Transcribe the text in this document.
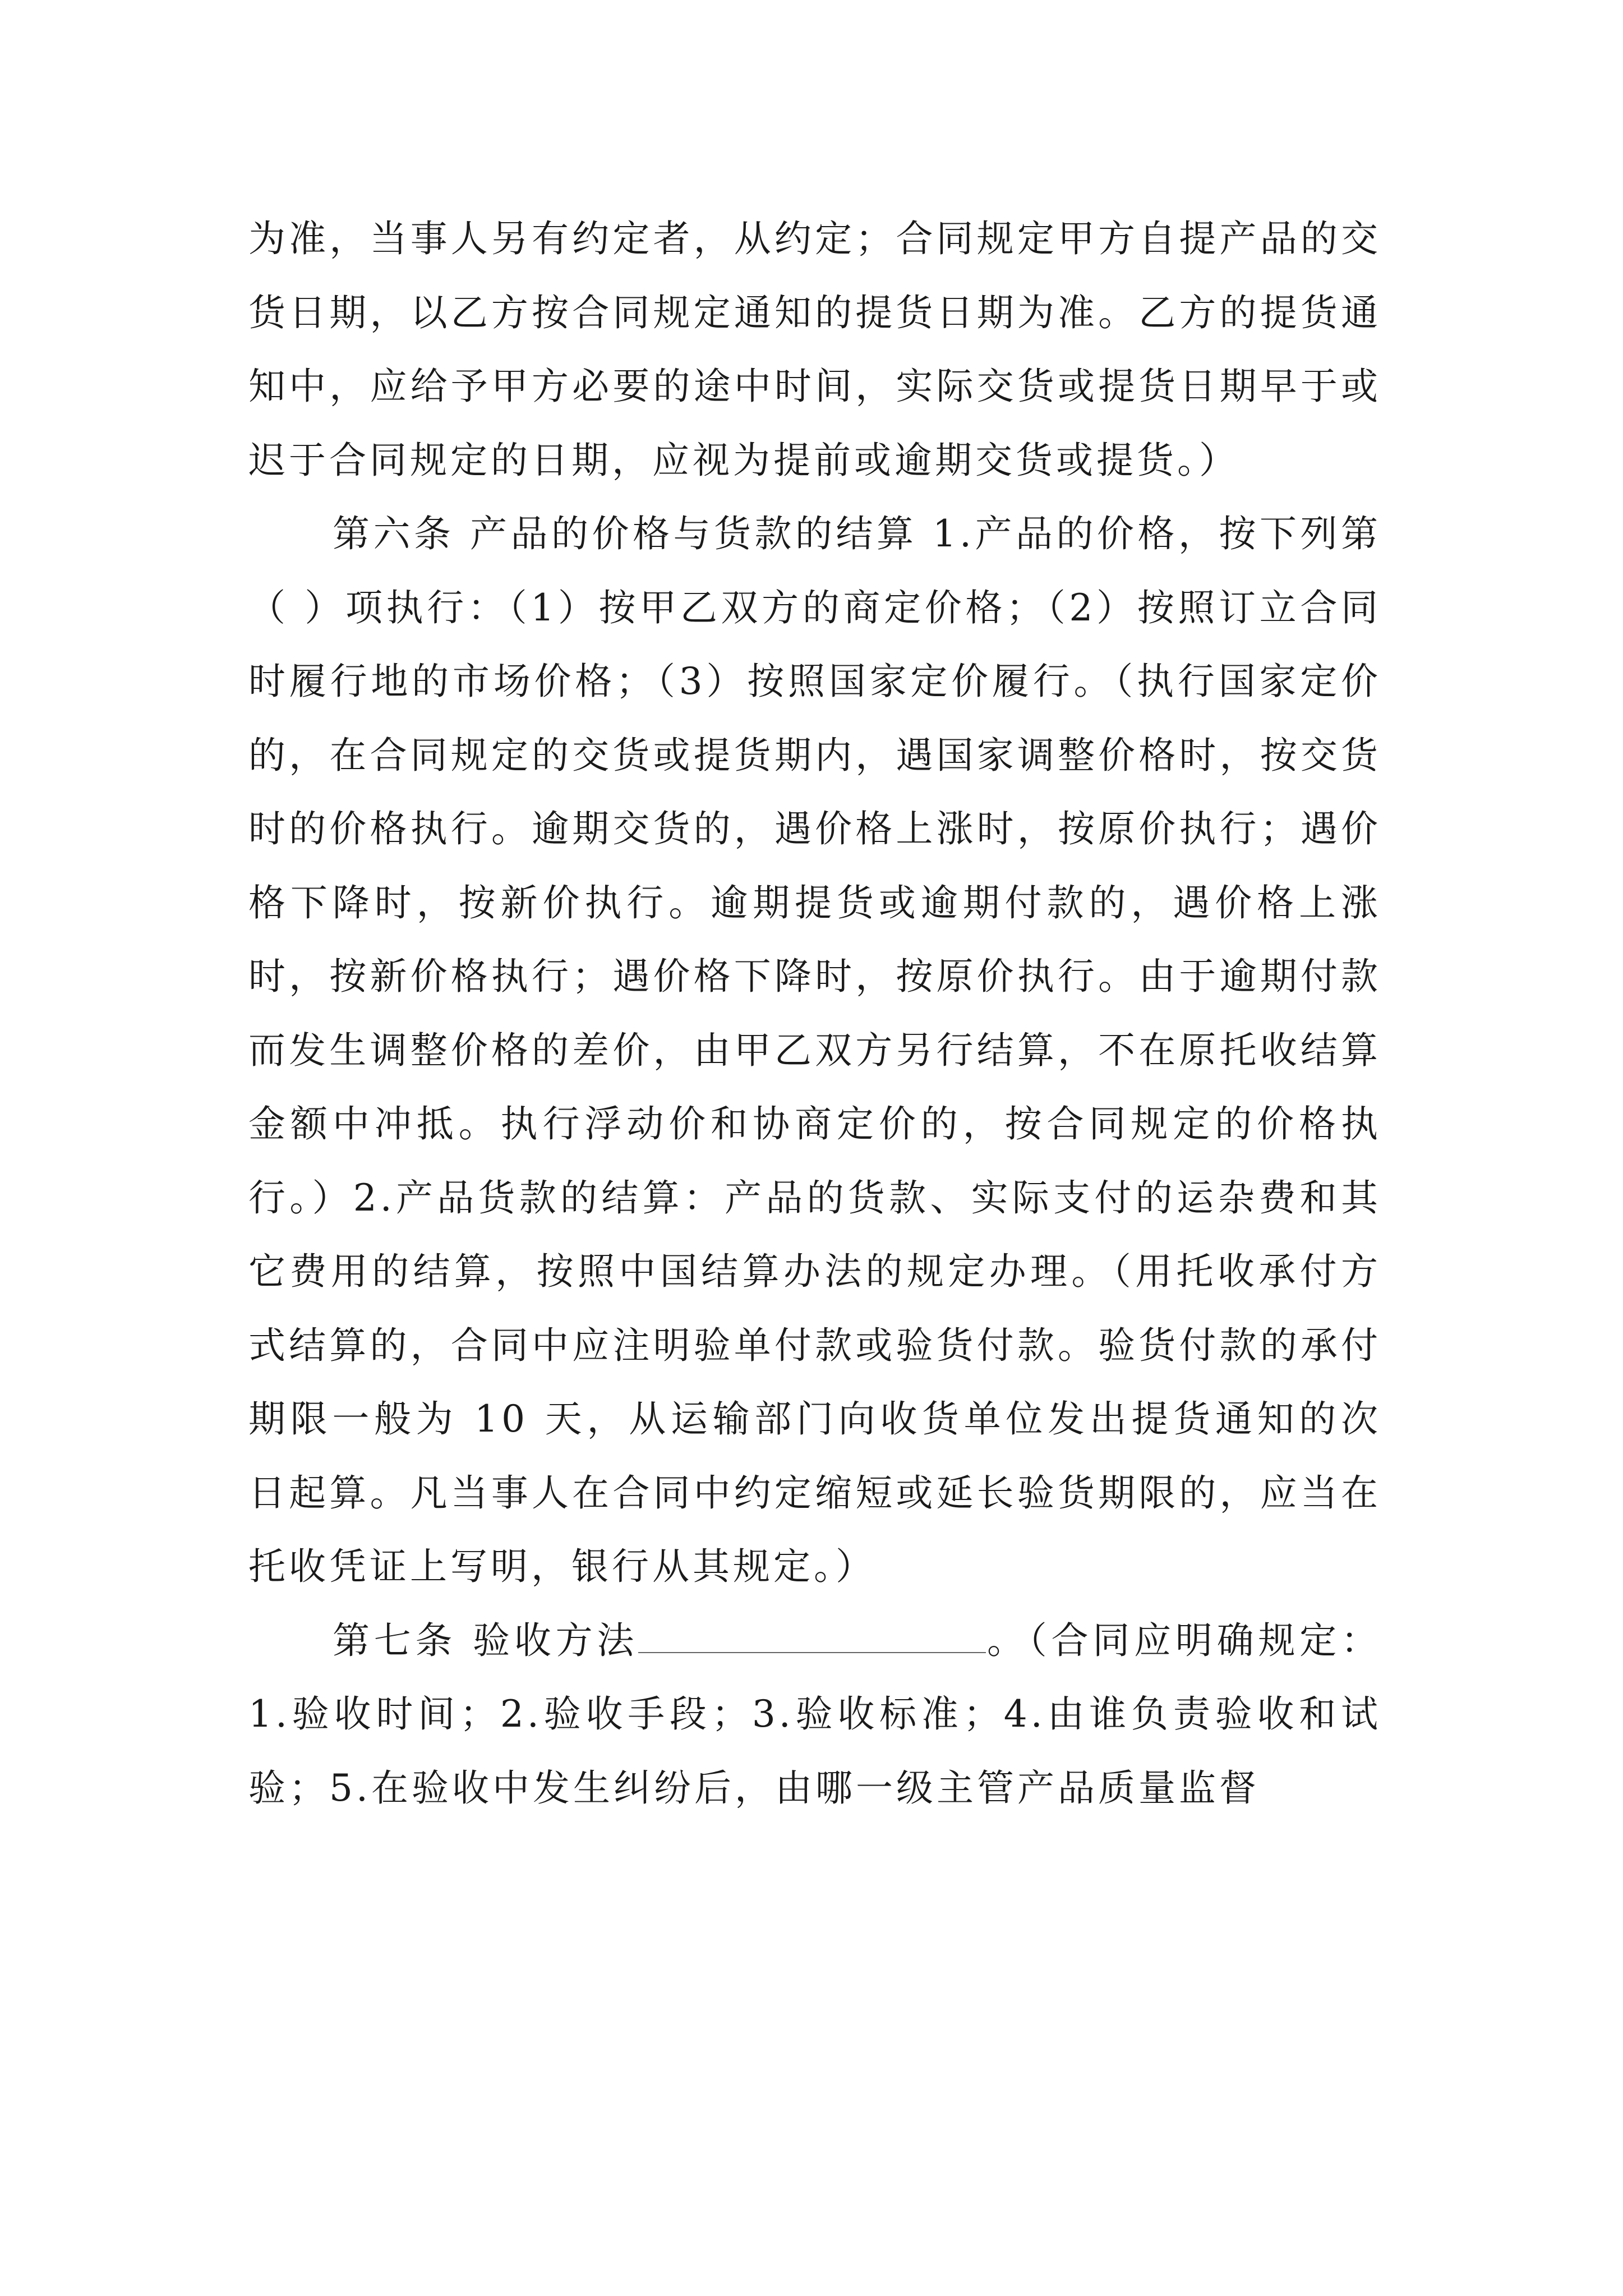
为准，当事人另有约定者，从约定；合同规定甲方自提产品的交货日期，以乙方按合同规定通知的提货日期为准。乙方的提货通知中，应给予甲方必要的途中时间，实际交货或提货日期早于或迟于合同规定的日期，应视为提前或逾期交货或提货。）

第六条 产品的价格与货款的结算 1.产品的价格，按下列第（ ）项执行：（1）按甲乙双方的商定价格；（2）按照订立合同时履行地的市场价格；（3）按照国家定价履行。（执行国家定价的，在合同规定的交货或提货期内，遇国家调整价格时，按交货时的价格执行。逾期交货的，遇价格上涨时，按原价执行；遇价格下降时，按新价执行。逾期提货或逾期付款的，遇价格上涨时，按新价格执行；遇价格下降时，按原价执行。由于逾期付款而发生调整价格的差价，由甲乙双方另行结算，不在原托收结算金额中冲抵。执行浮动价和协商定价的，按合同规定的价格执行。）2.产品货款的结算：产品的货款、实际支付的运杂费和其它费用的结算，按照中国结算办法的规定办理。（用托收承付方式结算的，合同中应注明验单付款或验货付款。验货付款的承付期限一般为 10 天，从运输部门向收货单位发出提货通知的次日起算。凡当事人在合同中约定缩短或延长验货期限的，应当在托收凭证上写明，银行从其规定。）

第七条 验收方法	。（合同应明确规定：1.验收时间；2.验收手段；3.验收标准；4.由谁负责验收和试验；5.在验收中发生纠纷后，由哪一级主管产品质量监督
